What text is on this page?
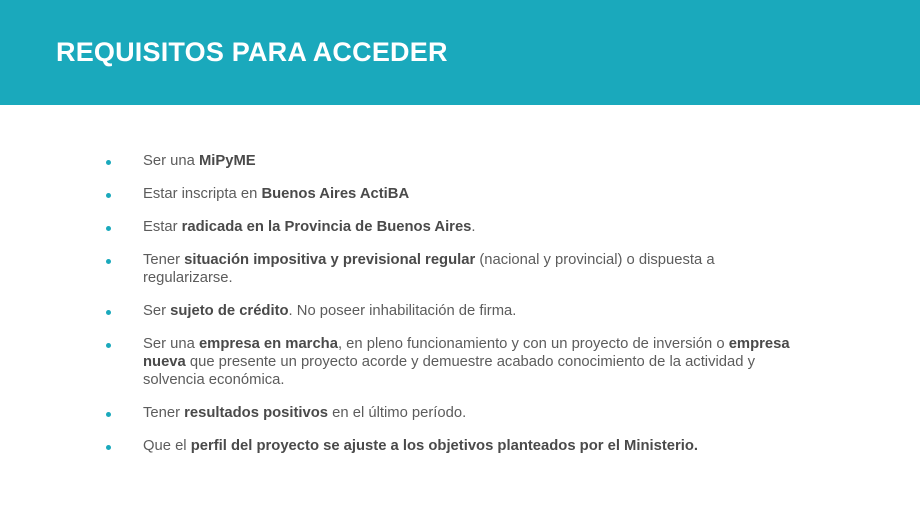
REQUISITOS PARA ACCEDER
Ser una MiPyME
Estar inscripta en Buenos Aires ActiBA
Estar radicada en la Provincia de Buenos Aires.
Tener situación impositiva y previsional regular (nacional y provincial) o dispuesta a regularizarse.
Ser sujeto de crédito. No poseer inhabilitación de firma.
Ser una empresa en marcha, en pleno funcionamiento y con un proyecto de inversión o empresa nueva que presente un proyecto acorde y demuestre acabado conocimiento de la actividad y solvencia económica.
Tener resultados positivos en el último período.
Que el perfil del proyecto se ajuste a los objetivos planteados por el Ministerio.
